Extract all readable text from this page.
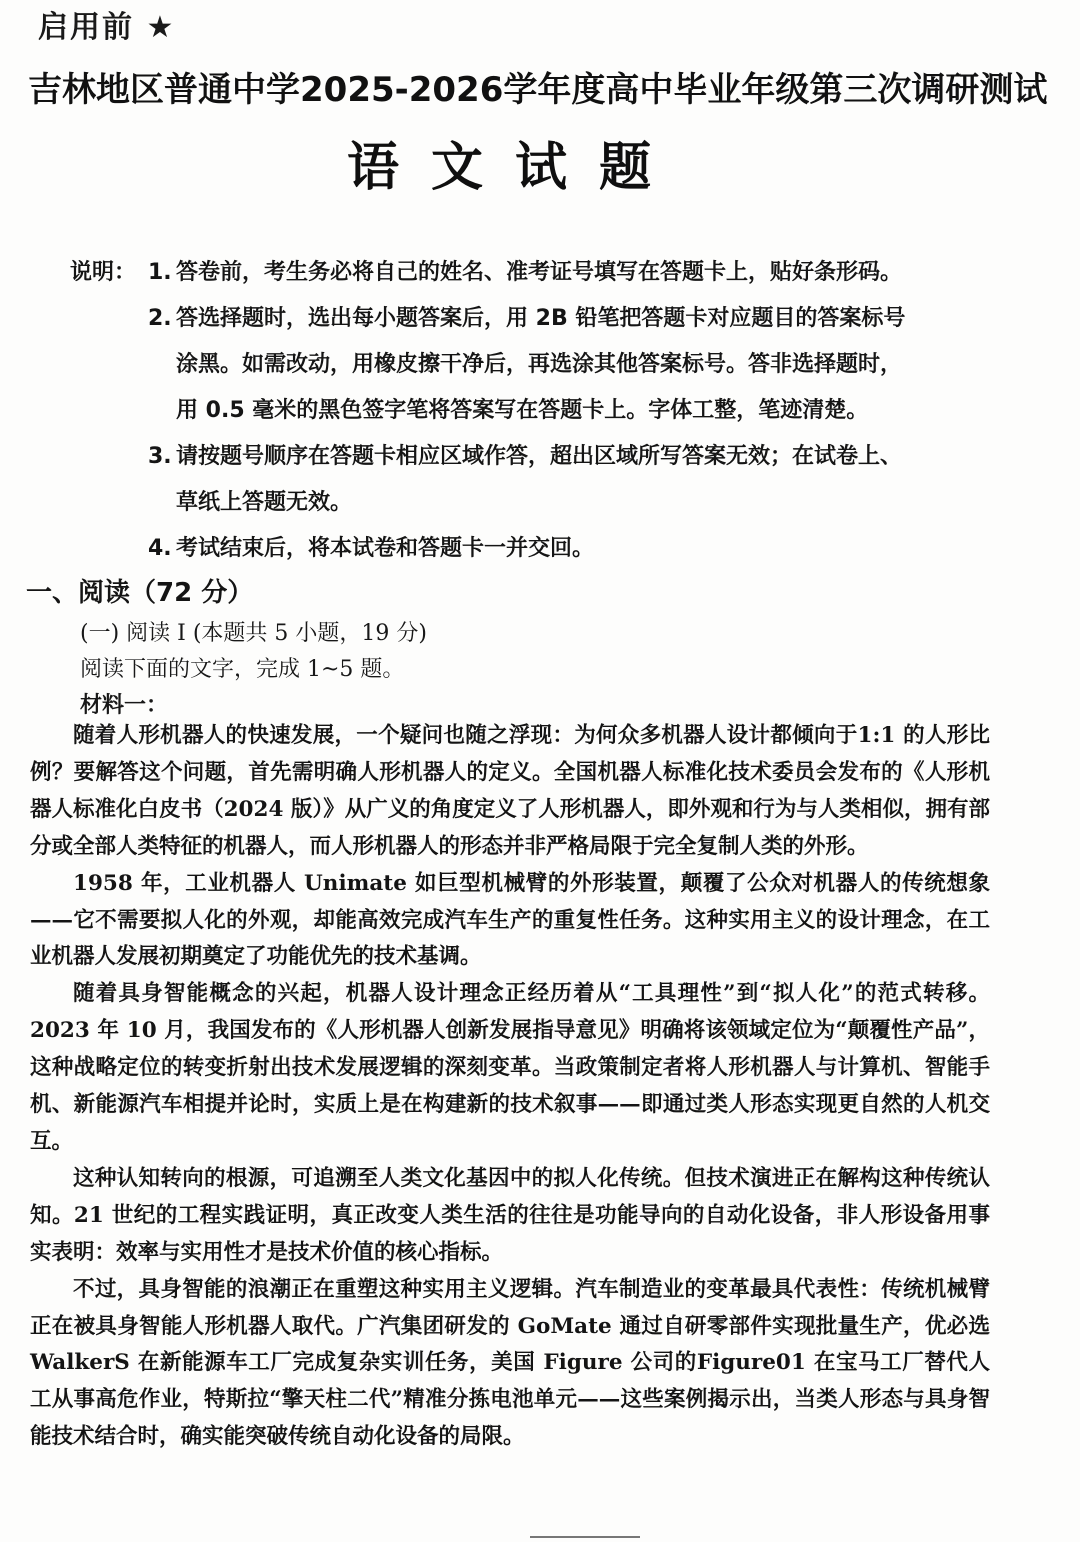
启用前 ★
吉林地区普通中学2025-2026学年度高中毕业年级第三次调研测试
语文试题
说明： 1. 答卷前，考生务必将自己的姓名、准考证号填写在答题卡上，贴好条形码。
2. 答选择题时，选出每小题答案后，用 2B 铅笔把答题卡对应题目的答案标号
涂黑。如需改动，用橡皮擦干净后，再选涂其他答案标号。答非选择题时，
用 0.5 毫米的黑色签字笔将答案写在答题卡上。字体工整，笔迹清楚。
3. 请按题号顺序在答题卡相应区域作答，超出区域所写答案无效；在试卷上、
草纸上答题无效。
4. 考试结束后，将本试卷和答题卡一并交回。
一、阅读（72 分）
(一) 阅读 I (本题共 5 小题，19 分)
阅读下面的文字，完成 1~5 题。
材料一：

随着人形机器人的快速发展，一个疑问也随之浮现：为何众多机器人设计都倾向于1:1 的人形比例？要解答这个问题，首先需明确人形机器人的定义。全国机器人标准化技术委员会发布的《人形机器人标准化白皮书（2024 版）》从广义的角度定义了人形机器人，即外观和行为与人类相似，拥有部分或全部人类特征的机器人，而人形机器人的形态并非严格局限于完全复制人类的外形。

1958 年，工业机器人 Unimate 如巨型机械臂的外形装置，颠覆了公众对机器人的传统想象——它不需要拟人化的外观，却能高效完成汽车生产的重复性任务。这种实用主义的设计理念，在工业机器人发展初期奠定了功能优先的技术基调。

随着具身智能概念的兴起，机器人设计理念正经历着从“工具理性”到“拟人化”的范式转移。2023 年 10 月，我国发布的《人形机器人创新发展指导意见》明确将该领域定位为“颠覆性产品”，这种战略定位的转变折射出技术发展逻辑的深刻变革。当政策制定者将人形机器人与计算机、智能手机、新能源汽车相提并论时，实质上是在构建新的技术叙事——即通过类人形态实现更自然的人机交互。

这种认知转向的根源，可追溯至人类文化基因中的拟人化传统。但技术演进正在解构这种传统认知。21 世纪的工程实践证明，真正改变人类生活的往往是功能导向的自动化设备，非人形设备用事实表明：效率与实用性才是技术价值的核心指标。

不过，具身智能的浪潮正在重塑这种实用主义逻辑。汽车制造业的变革最具代表性：传统机械臂正在被具身智能人形机器人取代。广汽集团研发的 GoMate 通过自研零部件实现批量生产，优必选 WalkerS 在新能源车工厂完成复杂实训任务，美国 Figure 公司的Figure01 在宝马工厂替代人工从事高危作业，特斯拉“擎天柱二代”精准分拣电池单元——这些案例揭示出，当类人形态与具身智能技术结合时，确实能突破传统自动化设备的局限。
